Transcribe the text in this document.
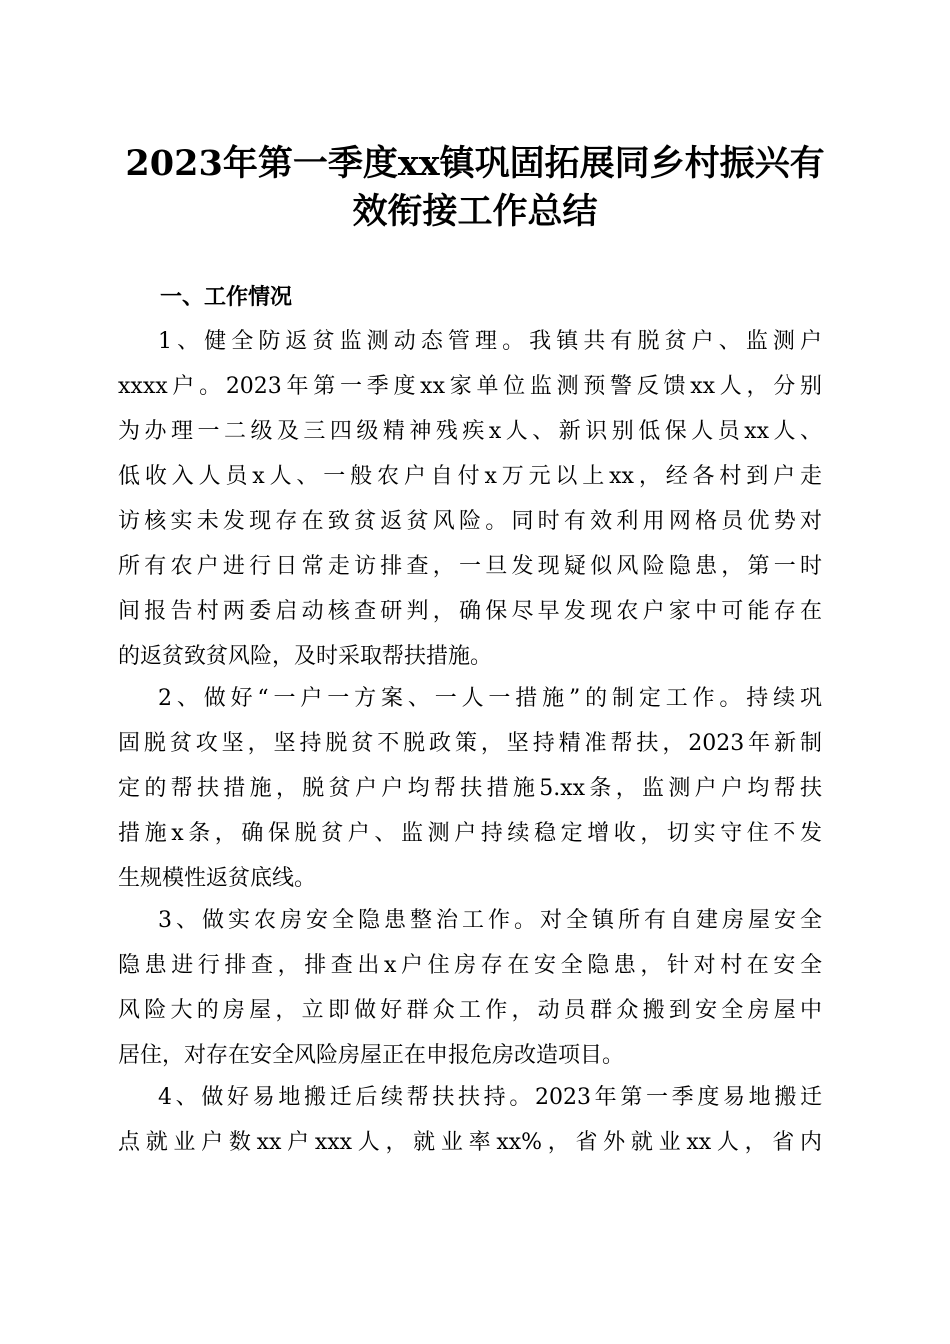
2023年第一季度xx镇巩固拓展同乡村振兴有
效衔接工作总结
一、工作情况

1、健全防返贫监测动态管理。我镇共有脱贫户、监测户
xxxx户。2023年第一季度xx家单位监测预警反馈xx人，分别
为办理一二级及三四级精神残疾x人、新识别低保人员xx人、
低收入人员x人、一般农户自付x万元以上xx，经各村到户走
访核实未发现存在致贫返贫风险。同时有效利用网格员优势对
所有农户进行日常走访排查，一旦发现疑似风险隐患，第一时
间报告村两委启动核查研判，确保尽早发现农户家中可能存在
的返贫致贫风险，及时采取帮扶措施。

2、做好“一户一方案、一人一措施”的制定工作。持续巩
固脱贫攻坚，坚持脱贫不脱政策，坚持精准帮扶，2023年新制
定的帮扶措施，脱贫户户均帮扶措施5.xx条，监测户户均帮扶
措施x条，确保脱贫户、监测户持续稳定增收，切实守住不发
生规模性返贫底线。

3、做实农房安全隐患整治工作。对全镇所有自建房屋安全
隐患进行排查，排查出x户住房存在安全隐患，针对村在安全
风险大的房屋，立即做好群众工作，动员群众搬到安全房屋中
居住，对存在安全风险房屋正在申报危房改造项目。

4、做好易地搬迁后续帮扶扶持。2023年第一季度易地搬迁
点就业户数xx户xxx人，就业率xx%，省外就业xx人，省内
